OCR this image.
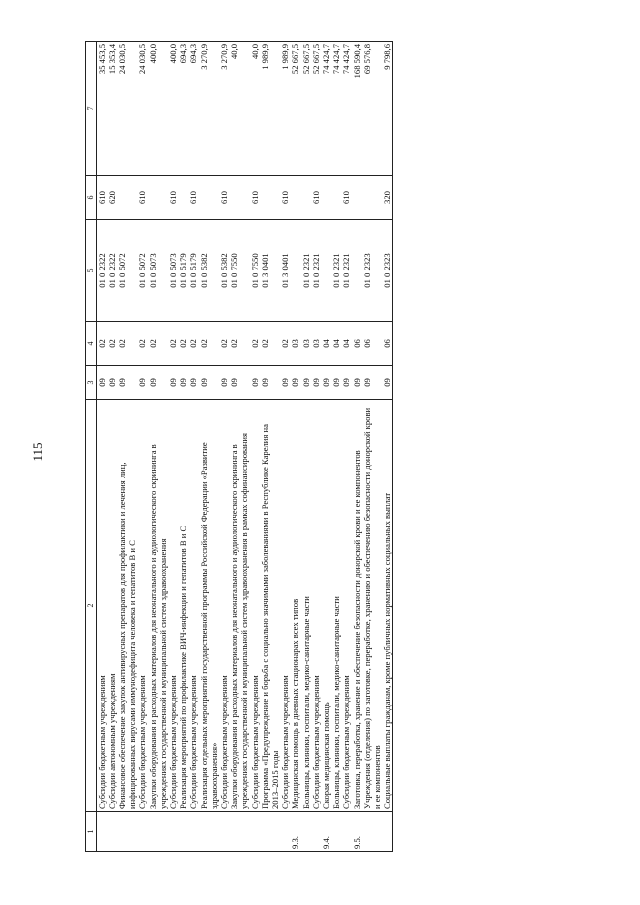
115
1	2	3	4	5	6	7
	Субсидии бюджетным учреждениям	09	02	01 0 2322	610	35 453,5
	Субсидии автономным учреждениям	09	02	01 0 2322	620	15 353,4
	Финансовое обеспечение закупок антивирусных препаратов для профилактики и лечения лиц, инфицированных вирусами иммунодефицита человека и гепатитов B и C	09	02	01 0 5072		24 030,5
	Субсидии бюджетным учреждениям	09	02	01 0 5072	610	24 030,5
	Закупки оборудования и расходных материалов для неонатального и аудиологического скрининга в учреждениях государственной и муниципальной систем здравоохранения	09	02	01 0 5073		400,0
	Субсидии бюджетным учреждениям	09	02	01 0 5073	610	400,0
	Реализация мероприятий по профилактике ВИЧ-инфекции и гепатитов B и C	09	02	01 0 5179		694,3
	Субсидии бюджетным учреждениям	09	02	01 0 5179	610	694,3
	Реализация отдельных мероприятий государственной программы Российской Федерации «Развитие здравоохранения»	09	02	01 0 5382		3 270,9
	Субсидии бюджетным учреждениям	09	02	01 0 5382	610	3 270,9
	Закупки оборудования и расходных материалов для неонатального и аудиологического скрининга в учреждениях государственной и муниципальной систем здравоохранения в рамках софинансирования	09	02	01 0 7550		40,0
	Субсидии бюджетным учреждениям	09	02	01 0 7550	610	40,0
	Программа «Предупреждение и борьба с социально значимыми заболеваниями в Республике Карелия на 2013–2015 годы	09	02	01 3 0401		1 989,9
	Субсидии бюджетным учреждениям	09	02	01 3 0401	610	1 989,9
9.3.	Медицинская помощь в дневных стационарах всех типов	09	03			52 667,5
	Больницы, клиники, госпитали, медико-санитарные части	09	03	01 0 2321		52 667,5
	Субсидии бюджетным учреждениям	09	03	01 0 2321	610	52 667,5
9.4.	Скорая медицинская помощь	09	04			74 424,7
	Больницы, клиники, госпитали, медико-санитарные части	09	04	01 0 2321		74 424,7
	Субсидии бюджетным учреждениям	09	04	01 0 2321	610	74 424,7
9.5.	Заготовка, переработка, хранение и обеспечение безопасности донорской крови и ее компонентов	09	06			168 590,4
	Учреждения (отделения) по заготовке, переработке, хранению и обеспечению безопасности донорской крови и ее компонентов	09	06	01 0 2323		69 576,8
	Социальные выплаты гражданам, кроме публичных нормативных социальных выплат	09	06	01 0 2323	320	9 798,6
